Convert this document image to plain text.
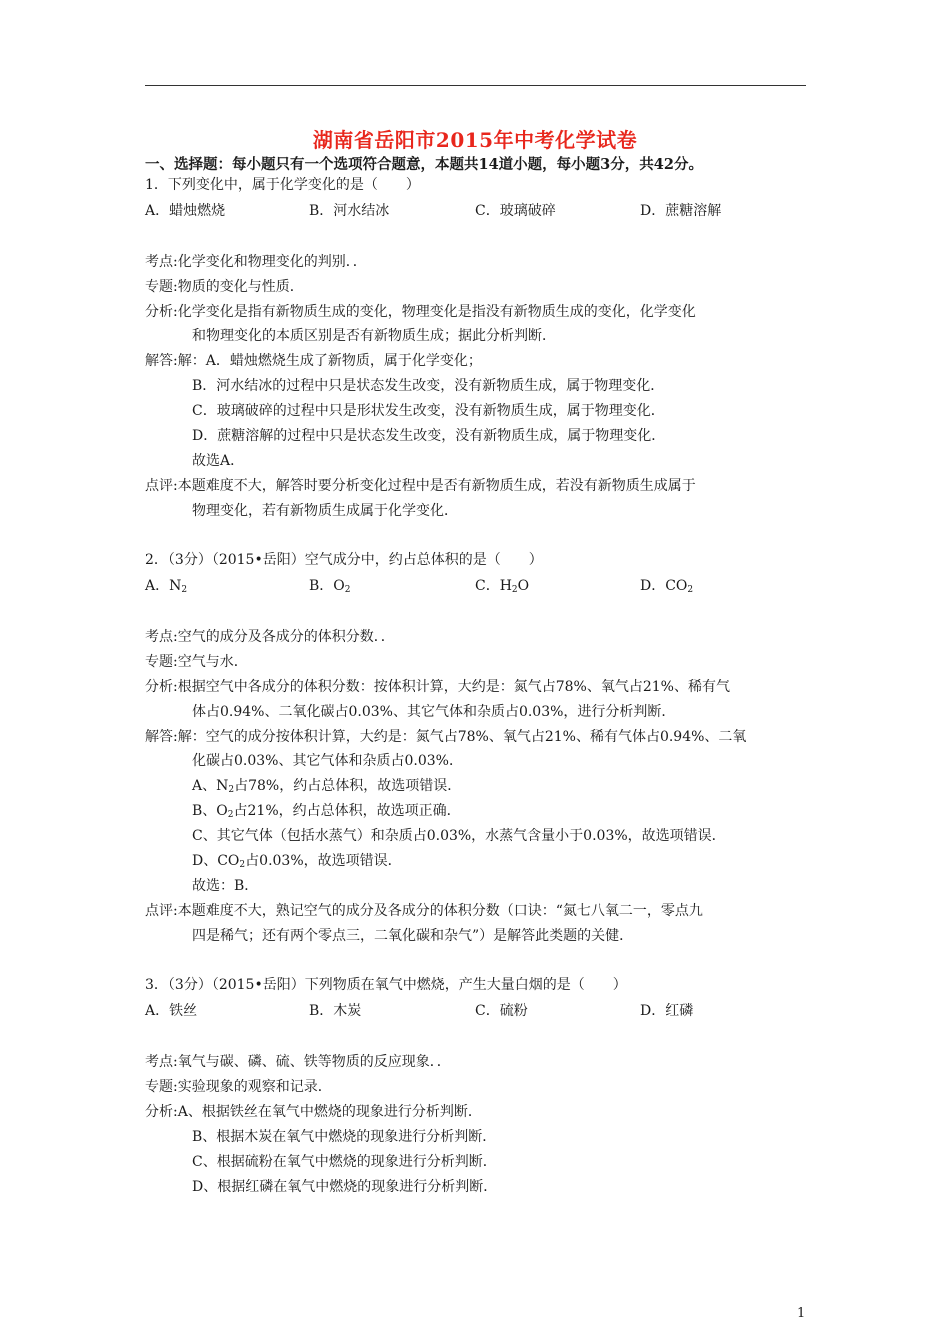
湖南省岳阳市2015年中考化学试卷
一、选择题：每小题只有一个选项符合题意，本题共14道小题，每小题3分，共42分。
1．下列变化中，属于化学变化的是（　　）
A．蜡烛燃烧	B．河水结冰	C．玻璃破碎	D．蔗糖溶解
考点:化学变化和物理变化的判别．．
专题:物质的变化与性质．
分析:化学变化是指有新物质生成的变化，物理变化是指没有新物质生成的变化，化学变化
和物理变化的本质区别是否有新物质生成；据此分析判断．
解答:解：A．蜡烛燃烧生成了新物质，属于化学变化；
B．河水结冰的过程中只是状态发生改变，没有新物质生成，属于物理变化．
C．玻璃破碎的过程中只是形状发生改变，没有新物质生成，属于物理变化．
D．蔗糖溶解的过程中只是状态发生改变，没有新物质生成，属于物理变化．
故选A．
点评:本题难度不大，解答时要分析变化过程中是否有新物质生成，若没有新物质生成属于
物理变化，若有新物质生成属于化学变化．
2．（3分）（2015•岳阳）空气成分中，约占总体积的是（　　）
A．$N_2$	B．$O_2$	C．$H_2O$	D．$CO_2$
考点:空气的成分及各成分的体积分数．．
专题:空气与水．
分析:根据空气中各成分的体积分数：按体积计算，大约是：氮气占78%、氧气占21%、稀有气
体占0.94%、二氧化碳占0.03%、其它气体和杂质占0.03%，进行分析判断．
解答:解：空气的成分按体积计算，大约是：氮气占78%、氧气占21%、稀有气体占0.94%、二氧
化碳占0.03%、其它气体和杂质占0.03%．
A、$N_2$占78%，约占总体积，故选项错误．
B、$O_2$占21%，约占总体积，故选项正确．
C、其它气体（包括水蒸气）和杂质占0.03%，水蒸气含量小于0.03%，故选项错误．
D、$CO_2$占0.03%，故选项错误．
故选：B．
点评:本题难度不大，熟记空气的成分及各成分的体积分数（口诀：“氮七八氧二一，零点九
四是稀气；还有两个零点三，二氧化碳和杂气”）是解答此类题的关健．
3．（3分）（2015•岳阳）下列物质在氧气中燃烧，产生大量白烟的是（　　）
A．铁丝	B．木炭	C．硫粉	D．红磷
考点:氧气与碳、磷、硫、铁等物质的反应现象．．
专题:实验现象的观察和记录．
分析:A、根据铁丝在氧气中燃烧的现象进行分析判断．
B、根据木炭在氧气中燃烧的现象进行分析判断．
C、根据硫粉在氧气中燃烧的现象进行分析判断．
D、根据红磷在氧气中燃烧的现象进行分析判断．
1
